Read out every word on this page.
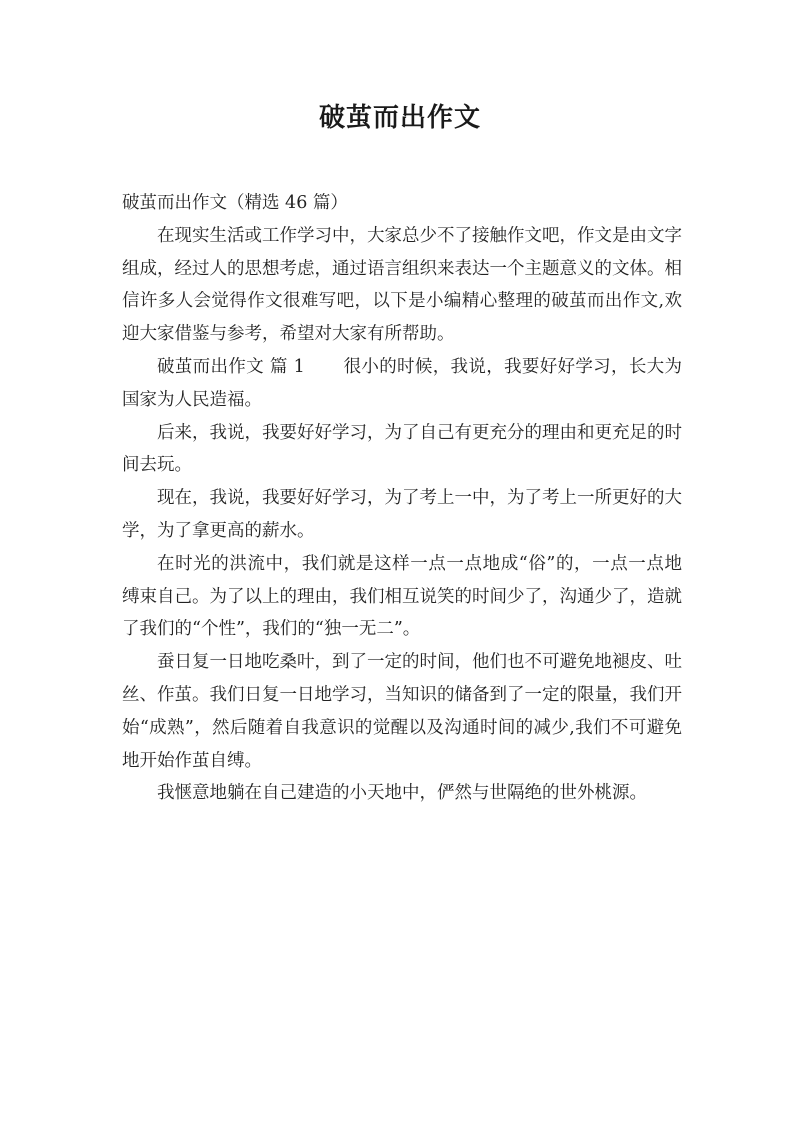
破茧而出作文

破茧而出作文（精选 46 篇）

在现实生活或工作学习中，大家总少不了接触作文吧，作文是由文字组成，经过人的思想考虑，通过语言组织来表达一个主题意义的文体。相信许多人会觉得作文很难写吧，以下是小编精心整理的破茧而出作文,欢迎大家借鉴与参考，希望对大家有所帮助。

破茧而出作文 篇 1 很小的时候，我说，我要好好学习，长大为国家为人民造福。

后来，我说，我要好好学习，为了自己有更充分的理由和更充足的时间去玩。

现在，我说，我要好好学习，为了考上一中，为了考上一所更好的大学，为了拿更高的薪水。

在时光的洪流中，我们就是这样一点一点地成“俗”的，一点一点地缚束自己。为了以上的理由，我们相互说笑的时间少了，沟通少了，造就了我们的“个性”，我们的“独一无二”。

蚕日复一日地吃桑叶，到了一定的时间，他们也不可避免地褪皮、吐丝、作茧。我们日复一日地学习，当知识的储备到了一定的限量，我们开始“成熟”，然后随着自我意识的觉醒以及沟通时间的减少,我们不可避免地开始作茧自缚。

我惬意地躺在自己建造的小天地中，俨然与世隔绝的世外桃源。
